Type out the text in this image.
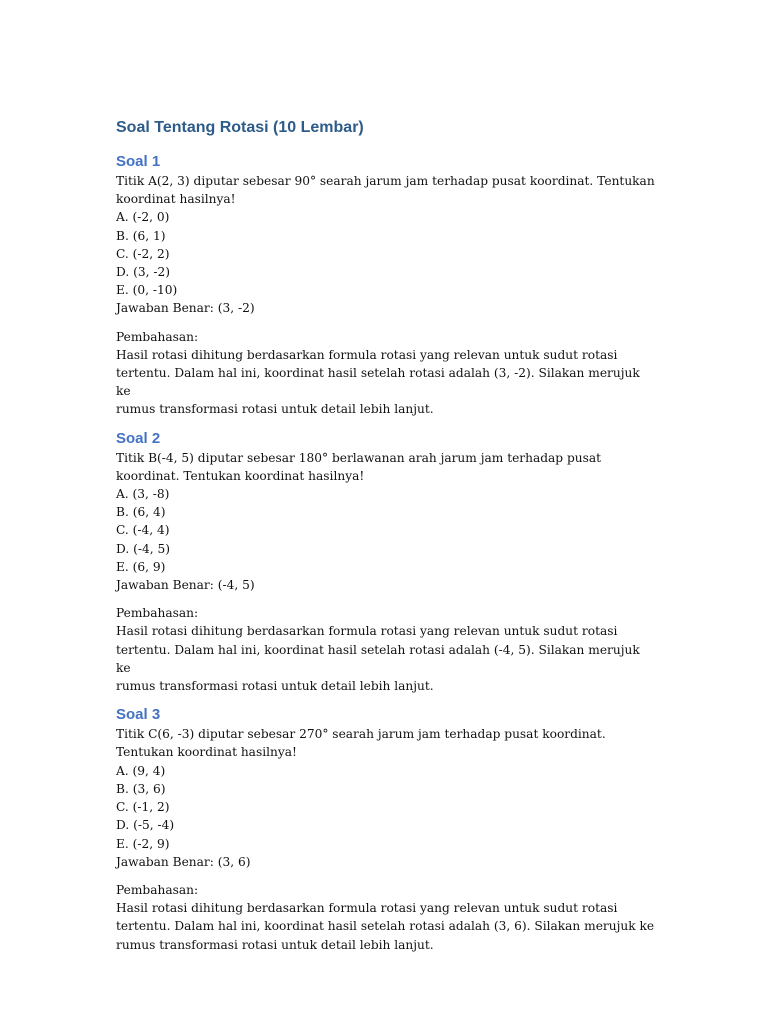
Soal Tentang Rotasi (10 Lembar)
Soal 1

Titik A(2, 3) diputar sebesar 90° searah jarum jam terhadap pusat koordinat. Tentukan

koordinat hasilnya!

A. (-2, 0)

B. (6, 1)

C. (-2, 2)

D. (3, -2)

E. (0, -10)

Jawaban Benar: (3, -2)

Pembahasan:

Hasil rotasi dihitung berdasarkan formula rotasi yang relevan untuk sudut rotasi

tertentu. Dalam hal ini, koordinat hasil setelah rotasi adalah (3, -2). Silakan merujuk ke

rumus transformasi rotasi untuk detail lebih lanjut.

Soal 2

Titik B(-4, 5) diputar sebesar 180° berlawanan arah jarum jam terhadap pusat

koordinat. Tentukan koordinat hasilnya!

A. (3, -8)

B. (6, 4)

C. (-4, 4)

D. (-4, 5)

E. (6, 9)

Jawaban Benar: (-4, 5)

Pembahasan:

Hasil rotasi dihitung berdasarkan formula rotasi yang relevan untuk sudut rotasi

tertentu. Dalam hal ini, koordinat hasil setelah rotasi adalah (-4, 5). Silakan merujuk ke

rumus transformasi rotasi untuk detail lebih lanjut.

Soal 3

Titik C(6, -3) diputar sebesar 270° searah jarum jam terhadap pusat koordinat.

Tentukan koordinat hasilnya!

A. (9, 4)

B. (3, 6)

C. (-1, 2)

D. (-5, -4)

E. (-2, 9)

Jawaban Benar: (3, 6)

Pembahasan:

Hasil rotasi dihitung berdasarkan formula rotasi yang relevan untuk sudut rotasi

tertentu. Dalam hal ini, koordinat hasil setelah rotasi adalah (3, 6). Silakan merujuk ke

rumus transformasi rotasi untuk detail lebih lanjut.
